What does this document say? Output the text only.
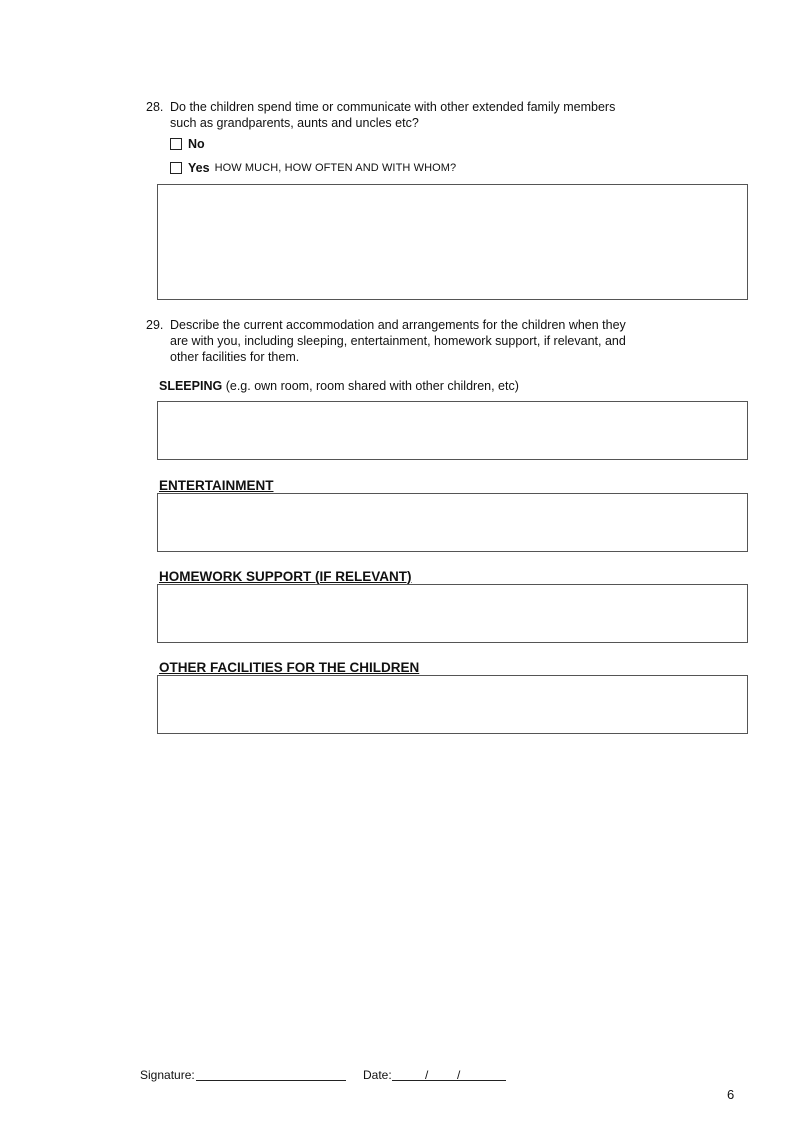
28. Do the children spend time or communicate with other extended family members
such as grandparents, aunts and uncles etc?
No
Yes HOW MUCH, HOW OFTEN AND WITH WHOM?
29. Describe the current accommodation and arrangements for the children when they
are with you, including sleeping, entertainment, homework support, if relevant, and
other facilities for them.
SLEEPING (e.g. own room, room shared with other children, etc)
ENTERTAINMENT
HOMEWORK SUPPORT (IF RELEVANT)
OTHER FACILITIES FOR THE CHILDREN
Signature:	Date:	/ /
6
